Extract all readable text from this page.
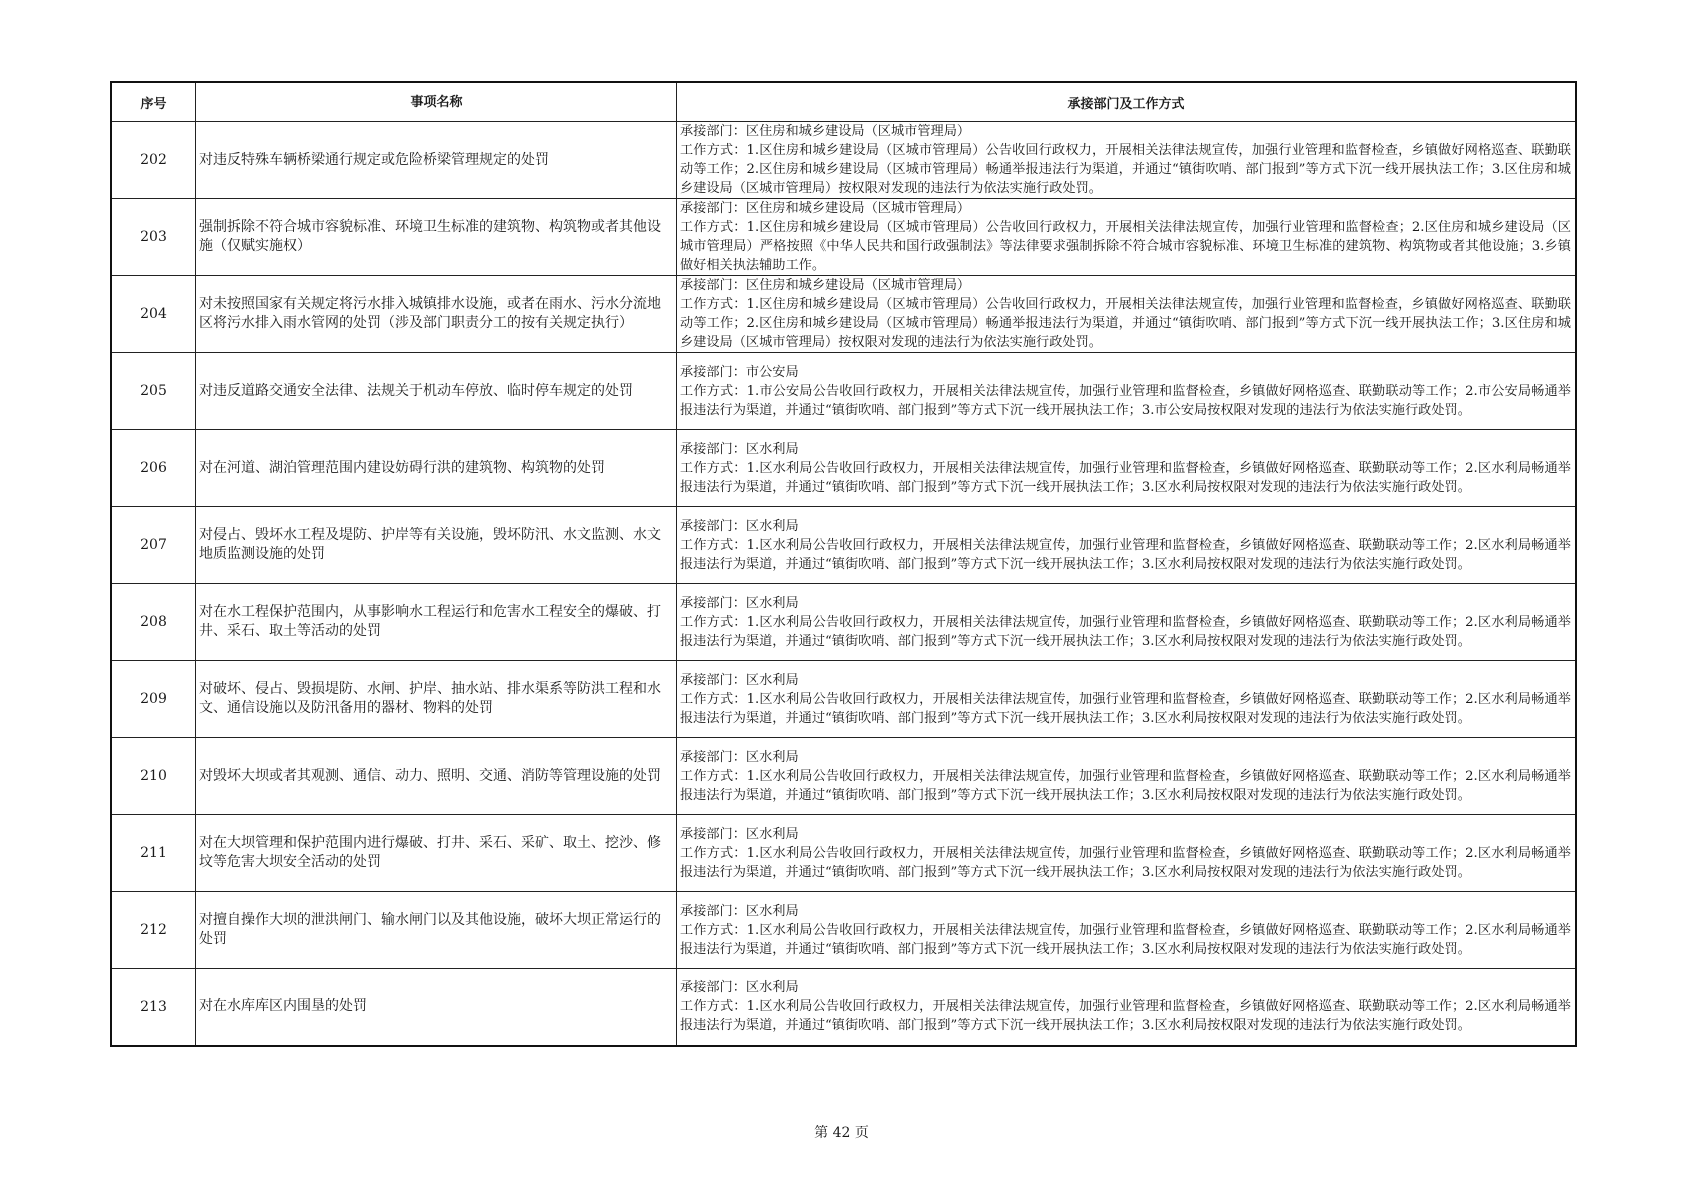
序号	事项名称	承接部门及工作方式
202	对违反特殊车辆桥梁通行规定或危险桥梁管理规定的处罚	承接部门：区住房和城乡建设局（区城市管理局）
工作方式：1.区住房和城乡建设局（区城市管理局）公告收回行政权力，开展相关法律法规宣传，加强行业管理和监督检查，乡镇做好网格巡查、联勤联动等工作；2.区住房和城乡建设局（区城市管理局）畅通举报违法行为渠道，并通过“镇街吹哨、部门报到”等方式下沉一线开展执法工作；3.区住房和城乡建设局（区城市管理局）按权限对发现的违法行为依法实施行政处罚。

203	强制拆除不符合城市容貌标准、环境卫生标准的建筑物、构筑物或者其他设施（仅赋实施权）	承接部门：区住房和城乡建设局（区城市管理局）
工作方式：1.区住房和城乡建设局（区城市管理局）公告收回行政权力，开展相关法律法规宣传，加强行业管理和监督检查；2.区住房和城乡建设局（区城市管理局）严格按照《中华人民共和国行政强制法》等法律要求强制拆除不符合城市容貌标准、环境卫生标准的建筑物、构筑物或者其他设施；3.乡镇做好相关执法辅助工作。

204	对未按照国家有关规定将污水排入城镇排水设施，或者在雨水、污水分流地区将污水排入雨水管网的处罚（涉及部门职责分工的按有关规定执行）	承接部门：区住房和城乡建设局（区城市管理局）
工作方式：1.区住房和城乡建设局（区城市管理局）公告收回行政权力，开展相关法律法规宣传，加强行业管理和监督检查，乡镇做好网格巡查、联勤联动等工作；2.区住房和城乡建设局（区城市管理局）畅通举报违法行为渠道，并通过“镇街吹哨、部门报到”等方式下沉一线开展执法工作；3.区住房和城乡建设局（区城市管理局）按权限对发现的违法行为依法实施行政处罚。

205	对违反道路交通安全法律、法规关于机动车停放、临时停车规定的处罚	承接部门：市公安局
工作方式：1.市公安局公告收回行政权力，开展相关法律法规宣传，加强行业管理和监督检查，乡镇做好网格巡查、联勤联动等工作；2.市公安局畅通举报违法行为渠道，并通过“镇街吹哨、部门报到”等方式下沉一线开展执法工作；3.市公安局按权限对发现的违法行为依法实施行政处罚。

206	对在河道、湖泊管理范围内建设妨碍行洪的建筑物、构筑物的处罚	承接部门：区水利局
工作方式：1.区水利局公告收回行政权力，开展相关法律法规宣传，加强行业管理和监督检查，乡镇做好网格巡查、联勤联动等工作；2.区水利局畅通举报违法行为渠道，并通过“镇街吹哨、部门报到”等方式下沉一线开展执法工作；3.区水利局按权限对发现的违法行为依法实施行政处罚。

207	对侵占、毁坏水工程及堤防、护岸等有关设施，毁坏防汛、水文监测、水文地质监测设施的处罚	承接部门：区水利局
工作方式：1.区水利局公告收回行政权力，开展相关法律法规宣传，加强行业管理和监督检查，乡镇做好网格巡查、联勤联动等工作；2.区水利局畅通举报违法行为渠道，并通过“镇街吹哨、部门报到”等方式下沉一线开展执法工作；3.区水利局按权限对发现的违法行为依法实施行政处罚。

208	对在水工程保护范围内，从事影响水工程运行和危害水工程安全的爆破、打井、采石、取土等活动的处罚	承接部门：区水利局
工作方式：1.区水利局公告收回行政权力，开展相关法律法规宣传，加强行业管理和监督检查，乡镇做好网格巡查、联勤联动等工作；2.区水利局畅通举报违法行为渠道，并通过“镇街吹哨、部门报到”等方式下沉一线开展执法工作；3.区水利局按权限对发现的违法行为依法实施行政处罚。

209	对破坏、侵占、毁损堤防、水闸、护岸、抽水站、排水渠系等防洪工程和水文、通信设施以及防汛备用的器材、物料的处罚	承接部门：区水利局
工作方式：1.区水利局公告收回行政权力，开展相关法律法规宣传，加强行业管理和监督检查，乡镇做好网格巡查、联勤联动等工作；2.区水利局畅通举报违法行为渠道，并通过“镇街吹哨、部门报到”等方式下沉一线开展执法工作；3.区水利局按权限对发现的违法行为依法实施行政处罚。

210	对毁坏大坝或者其观测、通信、动力、照明、交通、消防等管理设施的处罚	承接部门：区水利局
工作方式：1.区水利局公告收回行政权力，开展相关法律法规宣传，加强行业管理和监督检查，乡镇做好网格巡查、联勤联动等工作；2.区水利局畅通举报违法行为渠道，并通过“镇街吹哨、部门报到”等方式下沉一线开展执法工作；3.区水利局按权限对发现的违法行为依法实施行政处罚。

211	对在大坝管理和保护范围内进行爆破、打井、采石、采矿、取土、挖沙、修坟等危害大坝安全活动的处罚	承接部门：区水利局
工作方式：1.区水利局公告收回行政权力，开展相关法律法规宣传，加强行业管理和监督检查，乡镇做好网格巡查、联勤联动等工作；2.区水利局畅通举报违法行为渠道，并通过“镇街吹哨、部门报到”等方式下沉一线开展执法工作；3.区水利局按权限对发现的违法行为依法实施行政处罚。

212	对擅自操作大坝的泄洪闸门、输水闸门以及其他设施，破坏大坝正常运行的处罚	承接部门：区水利局
工作方式：1.区水利局公告收回行政权力，开展相关法律法规宣传，加强行业管理和监督检查，乡镇做好网格巡查、联勤联动等工作；2.区水利局畅通举报违法行为渠道，并通过“镇街吹哨、部门报到”等方式下沉一线开展执法工作；3.区水利局按权限对发现的违法行为依法实施行政处罚。

213	对在水库库区内围垦的处罚	承接部门：区水利局
工作方式：1.区水利局公告收回行政权力，开展相关法律法规宣传，加强行业管理和监督检查，乡镇做好网格巡查、联勤联动等工作；2.区水利局畅通举报违法行为渠道，并通过“镇街吹哨、部门报到”等方式下沉一线开展执法工作；3.区水利局按权限对发现的违法行为依法实施行政处罚。
第 42 页
